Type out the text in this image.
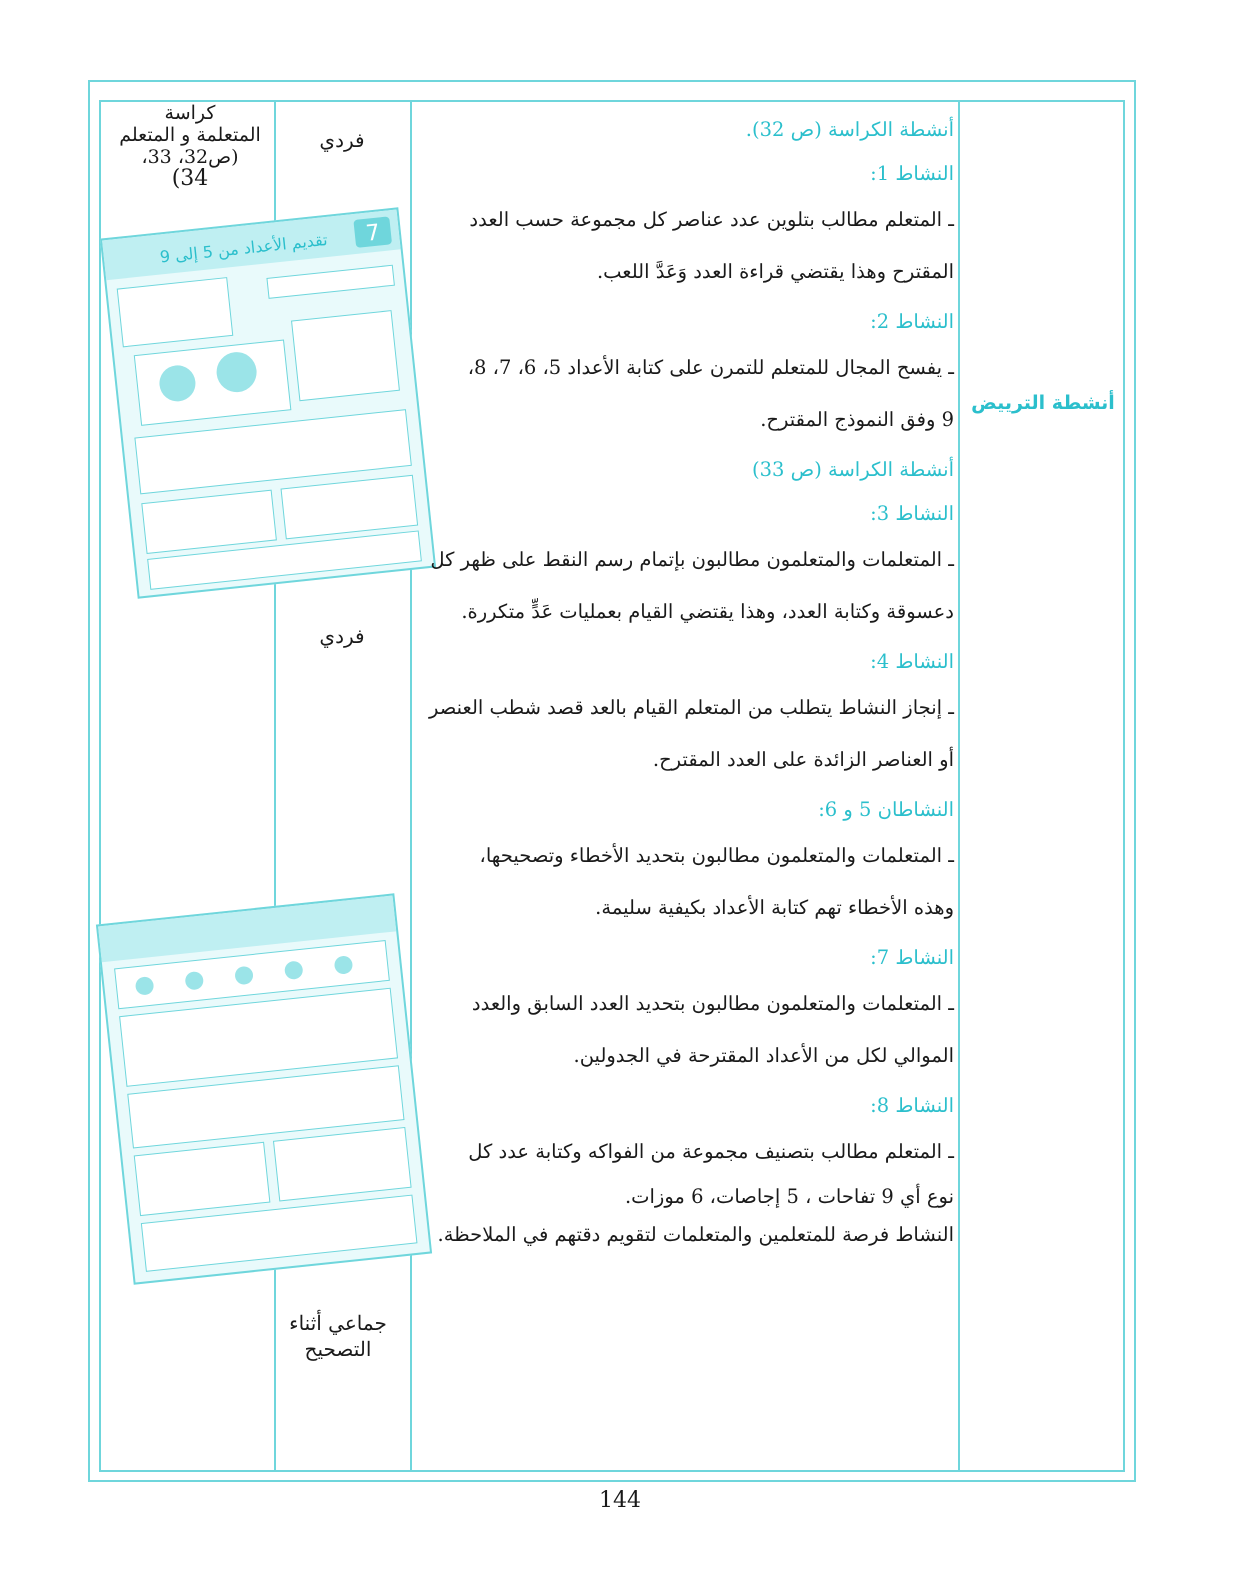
كراسة
المتعلمة و المتعلم
(ص32، 33،
34)
7
تقديم الأعداد من 5 إلى 9
فردي
فردي
جماعي أثناء
التصحيح
أنشطة الكراسة (ص 32).
النشاط 1:
ـ المتعلم مطالب بتلوين عدد عناصر كل مجموعة حسب العدد
المقترح وهذا يقتضي قراءة العدد وَعَدَّ اللعب.
النشاط 2:
ـ يفسح المجال للمتعلم للتمرن على كتابة الأعداد 5، 6، 7، 8،
9 وفق النموذج المقترح.
أنشطة الكراسة (ص 33)
النشاط 3:
ـ المتعلمات والمتعلمون مطالبون بإتمام رسم النقط على ظهر كل
دعسوقة وكتابة العدد، وهذا يقتضي القيام بعمليات عَدٍّ متكررة.
النشاط 4:
ـ إنجاز النشاط يتطلب من المتعلم القيام بالعد قصد شطب العنصر
أو العناصر الزائدة على العدد المقترح.
النشاطان 5 و 6:
ـ المتعلمات والمتعلمون مطالبون بتحديد الأخطاء وتصحيحها،
وهذه الأخطاء تهم كتابة الأعداد بكيفية سليمة.
النشاط 7:
ـ المتعلمات والمتعلمون مطالبون بتحديد العدد السابق والعدد
الموالي لكل من الأعداد المقترحة في الجدولين.
النشاط 8:
ـ المتعلم مطالب بتصنيف مجموعة من الفواكه وكتابة عدد كل
نوع أي 9 تفاحات ، 5 إجاصات، 6 موزات.
النشاط فرصة للمتعلمين والمتعلمات لتقويم دقتهم في الملاحظة.
أنشطة الترييض
144
